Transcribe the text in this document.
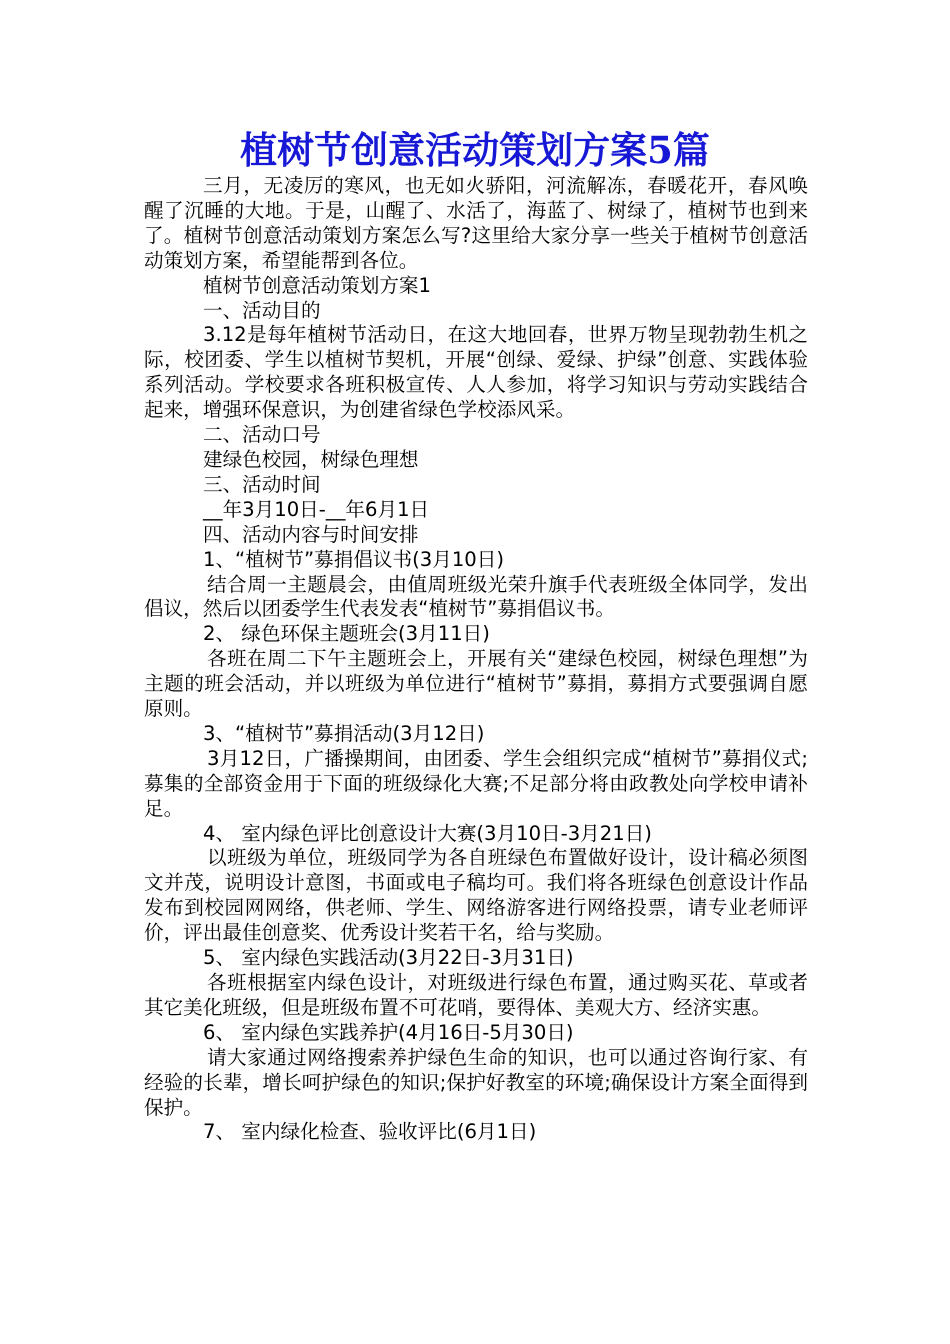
植树节创意活动策划方案5篇

三月，无凌厉的寒风，也无如火骄阳，河流解冻，春暖花开，春风唤醒了沉睡的大地。于是，山醒了、水活了，海蓝了、树绿了，植树节也到来了。植树节创意活动策划方案怎么写?这里给大家分享一些关于植树节创意活动策划方案，希望能帮到各位。

植树节创意活动策划方案1

一、活动目的

3.12是每年植树节活动日，在这大地回春，世界万物呈现勃勃生机之际，校团委、学生以植树节契机，开展“创绿、爱绿、护绿”创意、实践体验系列活动。学校要求各班积极宣传、人人参加，将学习知识与劳动实践结合起来，增强环保意识，为创建省绿色学校添风采。

二、活动口号

建绿色校园，树绿色理想

三、活动时间

__年3月10日-__年6月1日

四、活动内容与时间安排

1、“植树节”募捐倡议书(3月10日)

结合周一主题晨会，由值周班级光荣升旗手代表班级全体同学，发出倡议，然后以团委学生代表发表“植树节”募捐倡议书。

2、 绿色环保主题班会(3月11日)

各班在周二下午主题班会上，开展有关“建绿色校园，树绿色理想”为主题的班会活动，并以班级为单位进行“植树节”募捐，募捐方式要强调自愿原则。

3、“植树节”募捐活动(3月12日)

3月12日，广播操期间，由团委、学生会组织完成“植树节”募捐仪式;募集的全部资金用于下面的班级绿化大赛;不足部分将由政教处向学校申请补足。

4、 室内绿色评比创意设计大赛(3月10日-3月21日)

以班级为单位，班级同学为各自班绿色布置做好设计，设计稿必须图文并茂，说明设计意图，书面或电子稿均可。我们将各班绿色创意设计作品发布到校园网网络，供老师、学生、网络游客进行网络投票，请专业老师评价，评出最佳创意奖、优秀设计奖若干名，给与奖励。

5、 室内绿色实践活动(3月22日-3月31日)

各班根据室内绿色设计，对班级进行绿色布置，通过购买花、草或者其它美化班级，但是班级布置不可花哨，要得体、美观大方、经济实惠。

6、 室内绿色实践养护(4月16日-5月30日)

请大家通过网络搜索养护绿色生命的知识，也可以通过咨询行家、有经验的长辈，增长呵护绿色的知识;保护好教室的环境;确保设计方案全面得到保护。

7、 室内绿化检查、验收评比(6月1日)
